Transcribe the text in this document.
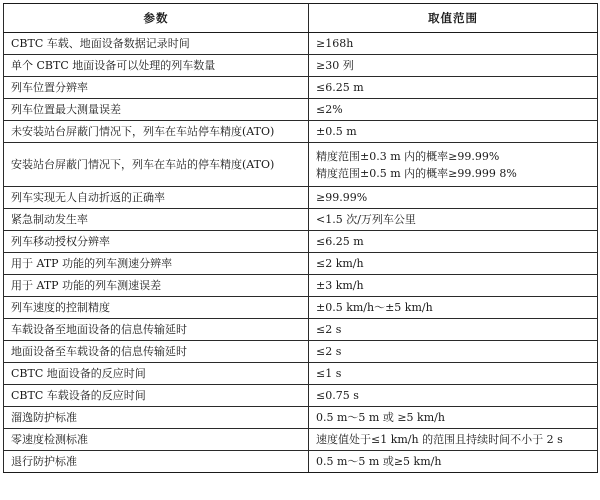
参数	取值范围
CBTC 车载、地面设备数据记录时间	≥168h

单个 CBTC 地面设备可以处理的列车数量	≥30 列

列车位置分辨率	≤6.25 m

列车位置最大测量误差	≤2%

未安装站台屏蔽门情况下，列车在车站停车精度(ATO)	±0.5 m

安装站台屏蔽门情况下，列车在车站的停车精度(ATO)	精度范围±0.3 m 内的概率≥99.99%
精度范围±0.5 m 内的概率≥99.999 8%

列车实现无人自动折返的正确率	≥99.99%

紧急制动发生率	<1.5 次/万列车公里

列车移动授权分辨率	≤6.25 m

用于 ATP 功能的列车测速分辨率	≤2 km/h

用于 ATP 功能的列车测速误差	±3 km/h

列车速度的控制精度	±0.5 km/h～±5 km/h

车载设备至地面设备的信息传输延时	≤2 s

地面设备至车载设备的信息传输延时	≤2 s

CBTC 地面设备的反应时间	≤1 s

CBTC 车载设备的反应时间	≤0.75 s

溜逸防护标准	0.5 m～5 m 或 ≥5 km/h

零速度检测标准	速度值处于≤1 km/h 的范围且持续时间不小于 2 s

退行防护标准	0.5 m～5 m 或≥5 km/h
